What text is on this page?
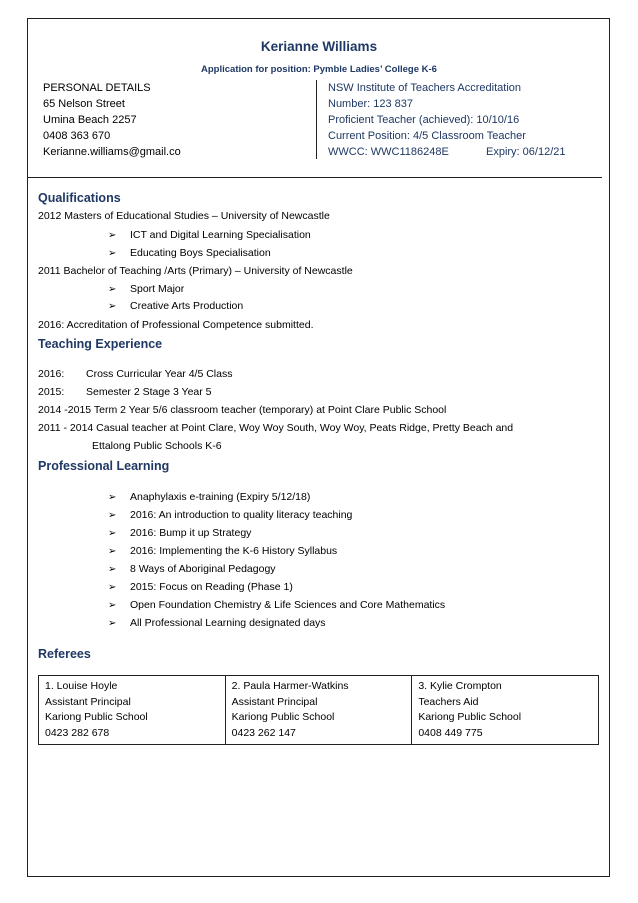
Kerianne Williams
Application for position: Pymble Ladies’ College K-6
PERSONAL DETAILS
65 Nelson Street
Umina Beach 2257
0408 363 670
Kerianne.williams@gmail.co
NSW Institute of Teachers Accreditation
Number: 123 837
Proficient Teacher (achieved): 10/10/16
Current Position: 4/5 Classroom Teacher
WWCC: WWC1186248E	Expiry: 06/12/21
Qualifications
2012 Masters of Educational Studies – University of Newcastle
➢ ICT and Digital Learning Specialisation
➢ Educating Boys Specialisation
2011 Bachelor of Teaching /Arts (Primary) – University of Newcastle
➢ Sport Major
➢ Creative Arts Production
2016: Accreditation of Professional Competence submitted.
Teaching Experience
2016: Cross Curricular Year 4/5 Class
2015: Semester 2 Stage 3 Year 5
2014 -2015 Term 2 Year 5/6 classroom teacher (temporary) at Point Clare Public School
2011 - 2014 Casual teacher at Point Clare, Woy Woy South, Woy Woy, Peats Ridge, Pretty Beach and
Ettalong Public Schools K-6
Professional Learning
➢ Anaphylaxis e-training (Expiry 5/12/18)
➢ 2016: An introduction to quality literacy teaching
➢ 2016: Bump it up Strategy
➢ 2016: Implementing the K-6 History Syllabus
➢ 8 Ways of Aboriginal Pedagogy
➢ 2015: Focus on Reading (Phase 1)
➢ Open Foundation Chemistry & Life Sciences and Core Mathematics
➢ All Professional Learning designated days
Referees
1. Louise Hoyle
Assistant Principal
Kariong Public School
0423 282 678

2. Paula Harmer-Watkins
Assistant Principal
Kariong Public School
0423 262 147

3. Kylie Crompton
Teachers Aid
Kariong Public School
0408 449 775
